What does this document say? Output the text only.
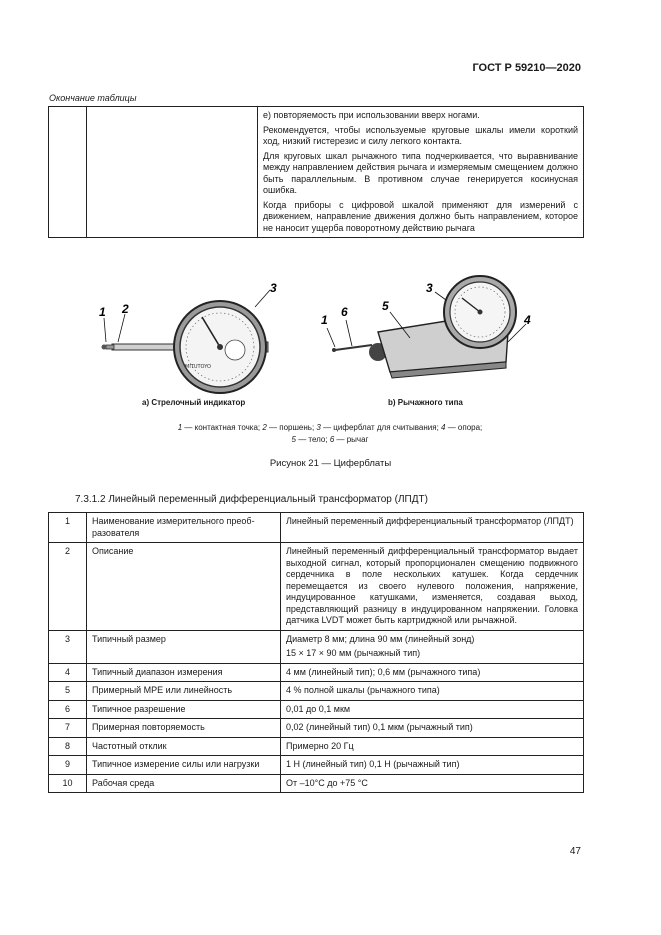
ГОСТ Р 59210—2020
Окончание таблицы

е) повторяемость при использовании вверх ногами.

Рекомендуется, чтобы используемые круговые шкалы имели короткий ход, низкий гистерезис и силу легкого контакта.

Для круговых шкал рычажного типа подчеркивается, что выравнивание между направлением действия рычага и измеряемым смещением должно быть параллельным. В противном случае генерируется косинусная ошибка.

Когда приборы с цифровой шкалой применяют для измерений с движением, направление движения должно быть направлением, которое не наносит ущерба поворотному действию рычага

MITUTOYO
1 2
3
1
6	5
3
4
а) Стрелочный индикатор	b) Рычажного типа
1 — контактная точка; 2 — поршень; 3 — циферблат для считывания; 4 — опора;
5 — тело; 6 — рычаг
Рисунок 21 — Циферблаты
7.3.1.2 Линейный переменный дифференциальный трансформатор (ЛПДТ)
1	Наименование измерительного преобразователя	Линейный переменный дифференциальный трансформатор (ЛПДТ)
2	Описание	Линейный переменный дифференциальный трансформатор выдает выходной сигнал, который пропорционален смещению подвижного сердечника в поле нескольких катушек. Когда сердечник перемещается из своего нулевого положения, напряжение, индуцированное катушками, изменяется, создавая выход, представляющий разницу в индуцированном напряжении. Головка датчика LVDT может быть картриджной или рычажной.
3	Типичный размер	Диаметр 8 мм; длина 90 мм (линейный зонд)
15 × 17 × 90 мм (рычажный тип)

4	Типичный диапазон измерения	4 мм (линейный тип); 0,6 мм (рычажного типа)
5	Примерный МРЕ или линейность	4 % полной шкалы (рычажного типа)
6	Типичное разрешение	0,01 до 0,1 мкм
7	Примерная повторяемость	0,02 (линейный тип) 0,1 мкм (рычажный тип)
8	Частотный отклик	Примерно 20 Гц
9	Типичное измерение силы или нагрузки	1 Н (линейный тип) 0,1 Н (рычажный тип)
10	Рабочая среда	От –10°C до +75 °C
47
